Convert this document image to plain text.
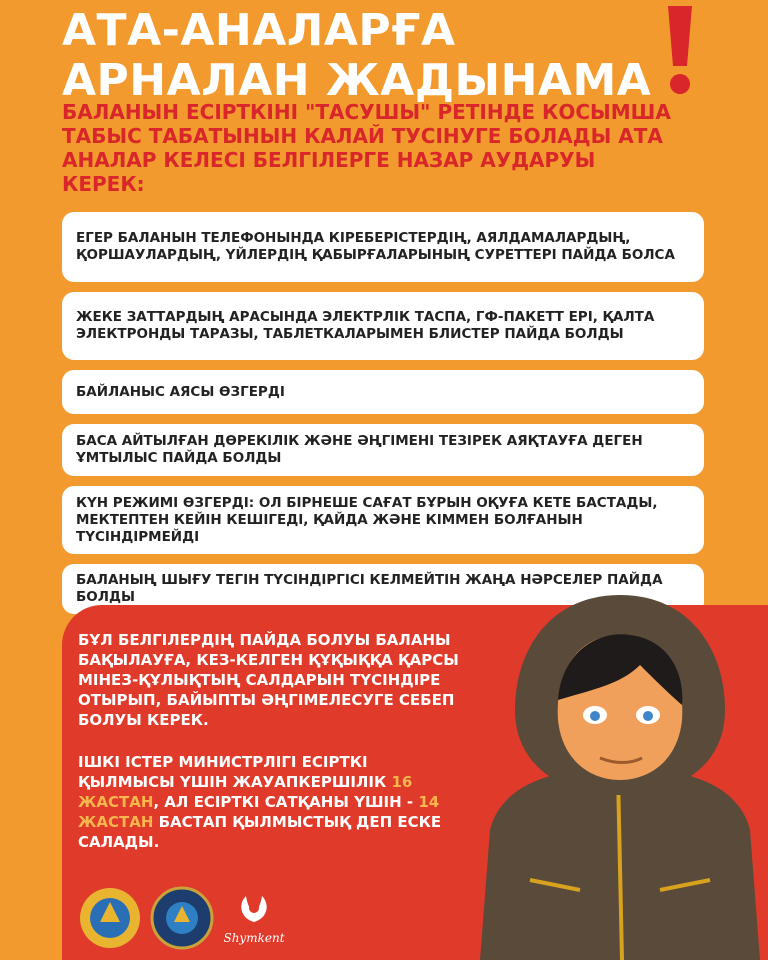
АТА-АНАЛАРҒА
АРНАЛАН ЖАДЫНАМА
БАЛАНЫН ЕСІРТКІНІ "ТАСУШЫ" РЕТІНДЕ КОСЫМША ТАБЫС ТАБАТЫНЫН КАЛАЙ ТУСІНУГЕ БОЛАДЫ АТА АНАЛАР КЕЛЕСІ БЕЛГІЛЕРГЕ НАЗАР АУДАРУЫ КЕРЕК:
ЕГЕР БАЛАНЫН ТЕЛЕФОНЫНДА КІРЕБЕРІСТЕРДІҢ, АЯЛДАМАЛАРДЫҢ, ҚОРШАУЛАРДЫҢ, ҮЙЛЕРДІҢ ҚАБЫРҒАЛАРЫНЫҢ СУРЕТТЕРІ ПАЙДА БОЛСА
ЖЕКЕ ЗАТТАРДЫҢ АРАСЫНДА ЭЛЕКТРЛІК ТАСПА, ГФ-ПАКЕТТ ЕРІ, ҚАЛТА ЭЛЕКТРОНДЫ ТАРАЗЫ, ТАБЛЕТКАЛАРЫМЕН БЛИСТЕР ПАЙДА БОЛДЫ
БАЙЛАНЫС АЯСЫ ӨЗГЕРДІ
БАСА АЙТЫЛҒАН ДӨРЕКІЛІК ЖӘНЕ ӘҢГІМЕНІ ТЕЗІРЕК АЯҚТАУҒА ДЕГЕН ҰМТЫЛЫС ПАЙДА БОЛДЫ
КҮН РЕЖИМІ ӨЗГЕРДІ: ОЛ БІРНЕШЕ САҒАТ БҰРЫН ОҚУҒА КЕТЕ БАСТАДЫ, МЕКТЕПТЕН КЕЙІН КЕШІГЕДІ, ҚАЙДА ЖӘНЕ КІММЕН БОЛҒАНЫН ТҮСІНДІРМЕЙДІ
БАЛАНЫҢ ШЫҒУ ТЕГІН ТҮСІНДІРГІСІ КЕЛМЕЙТІН ЖАҢА НӘРСЕЛЕР ПАЙДА БОЛДЫ

БҰЛ БЕЛГІЛЕРДІҢ ПАЙДА БОЛУЫ БАЛАНЫ БАҚЫЛАУҒА, КЕЗ-КЕЛГЕН ҚҰҚЫҚҚА ҚАРСЫ МІНЕЗ-ҚҰЛЫҚТЫҢ САЛДАРЫН ТҮСІНДІРЕ ОТЫРЫП, БАЙЫПТЫ ӘҢГІМЕЛЕСУГЕ СЕБЕП БОЛУЫ КЕРЕК.

ІШКІ ІСТЕР МИНИСТРЛІГІ ЕСІРТКІ ҚЫЛМЫСЫ ҮШІН ЖАУАПКЕРШІЛІК 16 ЖАСТАН, АЛ ЕСІРТКІ САТҚАНЫ ҮШІН - 14 ЖАСТАН БАСТАП ҚЫЛМЫСТЫҚ ДЕП ЕСКЕ САЛАДЫ.

Shymkent
